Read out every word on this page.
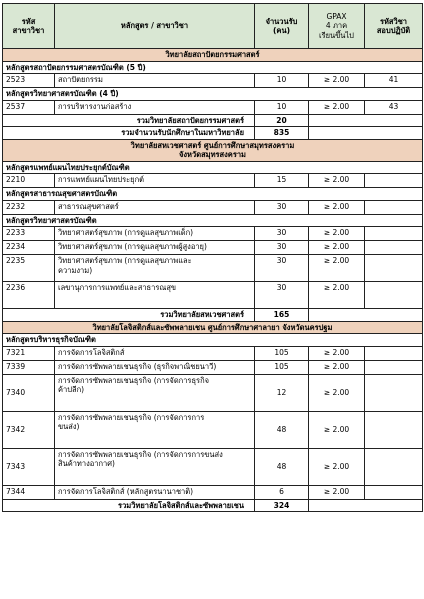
รหัส
สาขาวิชา	หลักสูตร / สาขาวิชา	จำนวนรับ
(คน)	GPAX
4 ภาค
เรียนขึ้นไป	รหัสวิชา
สอบปฏิบัติ

วิทยาลัยสถาปัตยกรรมศาสตร์				
หลักสูตรสถาปัตยกรรมศาสตรบัณฑิต (5 ปี)				
2523	สถาปัตยกรรม	10	≥ 2.00	41
หลักสูตรวิทยาศาสตรบัณฑิต (4 ปี)				
2537	การบริหารงานก่อสร้าง	10	≥ 2.00	43
รวมวิทยาลัยสถาปัตยกรรมศาสตร์		20		
รวมจำนวนรับนักศึกษาในมหาวิทยาลัย		835		

วิทยาลัยสหเวชศาสตร์ ศูนย์การศึกษาสมุทรสงคราม
จังหวัดสมุทรสงคราม				

หลักสูตรแพทย์แผนไทยประยุกต์บัณฑิต				
2210	การแพทย์แผนไทยประยุกต์	15	≥ 2.00	
หลักสูตรสาธารณสุขศาสตรบัณฑิต				
2232	สาธารณสุขศาสตร์	30	≥ 2.00	
หลักสูตรวิทยาศาสตรบัณฑิต				
2233	วิทยาศาสตร์สุขภาพ (การดูแลสุขภาพเด็ก)	30	≥ 2.00	
2234	วิทยาศาสตร์สุขภาพ (การดูแลสุขภาพผู้สูงอายุ)	30	≥ 2.00	
2235	วิทยาศาสตร์สุขภาพ (การดูแลสุขภาพและ
ความงาม)	30	≥ 2.00	
2236	เลขานุการการแพทย์และสาธารณสุข	30	≥ 2.00	
รวมวิทยาลัยสหเวชศาสตร์		165		
วิทยาลัยโลจิสติกส์และซัพพลายเชน ศูนย์การศึกษาศาลายา จังหวัดนครปฐม				
หลักสูตรบริหารธุรกิจบัณฑิต				
7321	การจัดการโลจิสติกส์	105	≥ 2.00	
7339	การจัดการซัพพลายเชนธุรกิจ (ธุรกิจพาณิชยนาวี)	105	≥ 2.00	
7340	การจัดการซัพพลายเชนธุรกิจ (การจัดการธุรกิจ
ค้าปลีก)	12	≥ 2.00	
7342	การจัดการซัพพลายเชนธุรกิจ (การจัดการการ
ขนส่ง)	48	≥ 2.00	
7343	การจัดการซัพพลายเชนธุรกิจ (การจัดการการขนส่ง
สินค้าทางอากาศ)	48	≥ 2.00	
7344	การจัดการโลจิสติกส์ (หลักสูตรนานาชาติ)	6	≥ 2.00	
รวมวิทยาลัยโลจิสติกส์และซัพพลายเชน		324		
